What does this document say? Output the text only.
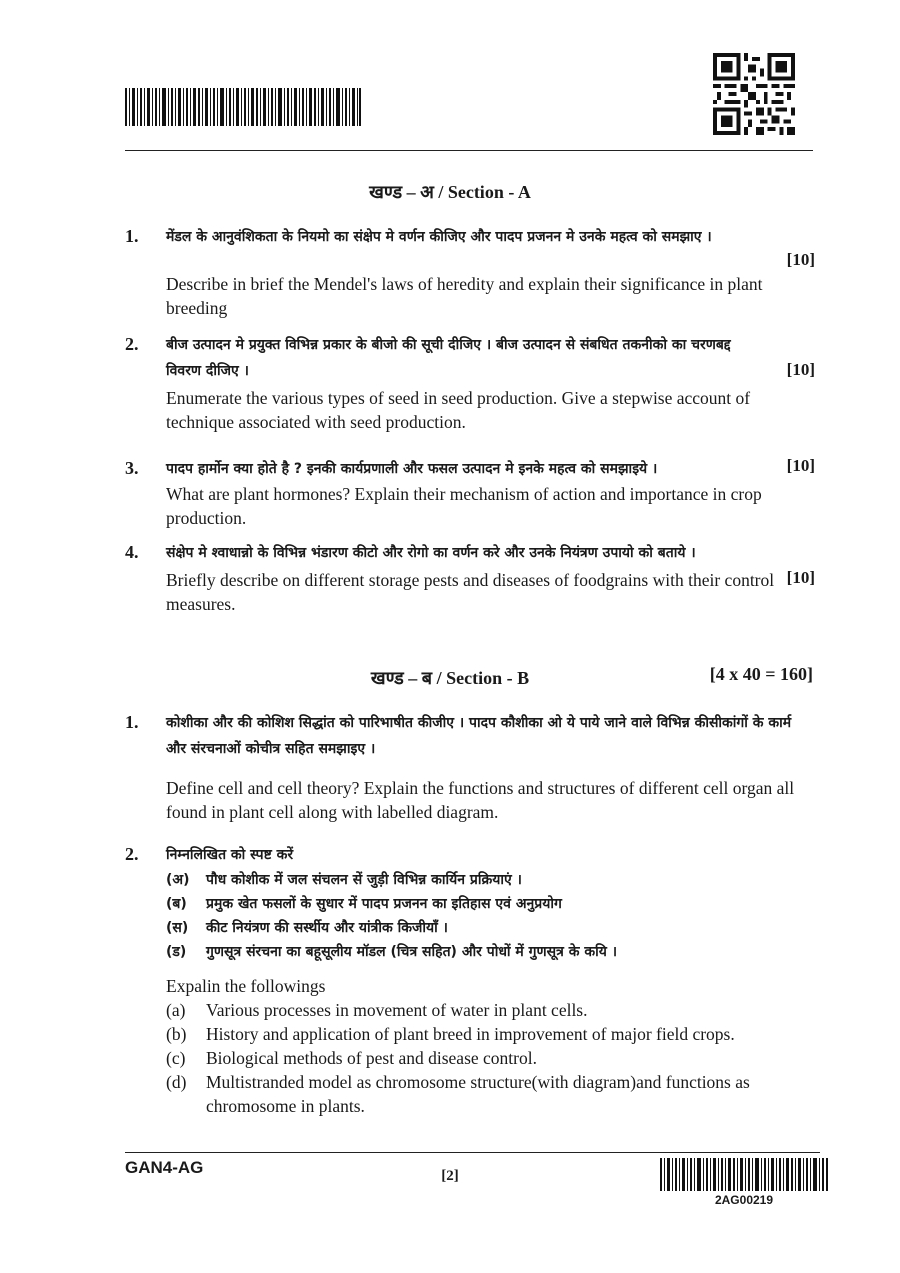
खण्ड – अ / Section - A
1. मेंडल के आनुवंशिकता के नियमो का संक्षेप मे वर्णन कीजिए और पादप प्रजनन मे उनके महत्व को समझाए ।
[10]
Describe in brief the Mendel's laws of heredity and explain their significance in plant breeding
2. बीज उत्पादन मे प्रयुक्त विभिन्न प्रकार के बीजो की सूची दीजिए । बीज उत्पादन से संबधित तकनीको का चरणबद्द विवरण दीजिए ।	[10]
Enumerate the various types of seed in seed production. Give a stepwise account of technique associated with seed production.
3. पादप हार्मोन क्या होते है ? इनकी कार्यप्रणाली और फसल उत्पादन मे इनके महत्व को समझाइये ।	[10]
What are plant hormones? Explain their mechanism of action and importance in crop production.
4. संक्षेप मे श्वाधान्नो के विभिन्न भंडारण कीटो और रोगो का वर्णन करे और उनके नियंत्रण उपायो को बताये ।
[10]
Briefly describe on different storage pests and diseases of foodgrains with their control measures.
खण्ड – ब / Section - B	[4 x 40 = 160]
1. कोशीका और की कोशिश सिद्धांत को पारिभाषीत कीजीए । पादप कौशीका ओ ये पाये जाने वाले विभिन्न कीसीकांगों के कार्म और संरचनाओं कोचीत्र सहित समझाइए ।
Define cell and cell theory? Explain the functions and structures of different cell organ all found in plant cell along with labelled diagram.
2. निम्नलिखित को स्पष्ट करें
(अ)	पौध कोशीक में जल संचलन सें जुड़ी विभिन्न कार्यिन प्रक्रियाएं ।
(ब)	प्रमुक खेत फसलों के सुधार में पादप प्रजनन का इतिहास एवं अनुप्रयोग
(स)	कीट नियंत्रण की सर्स्थीय और यांत्रीक किजीयाँ ।
(ड)	गुणसूत्र संरचना का बहूसूलीय मॉडल (चित्र सहित) और पोधों में गुणसूत्र के कयि ।
Expalin the followings
(a)	Various processes in movement of water in plant cells.
(b)	History and application of plant breed in improvement of major field crops.
(c)	Biological methods of pest and disease control.
(d)	Multistranded model as chromosome structure(with diagram)and functions as chromosome in plants.
GAN4-AG	[2]
2AG00219
